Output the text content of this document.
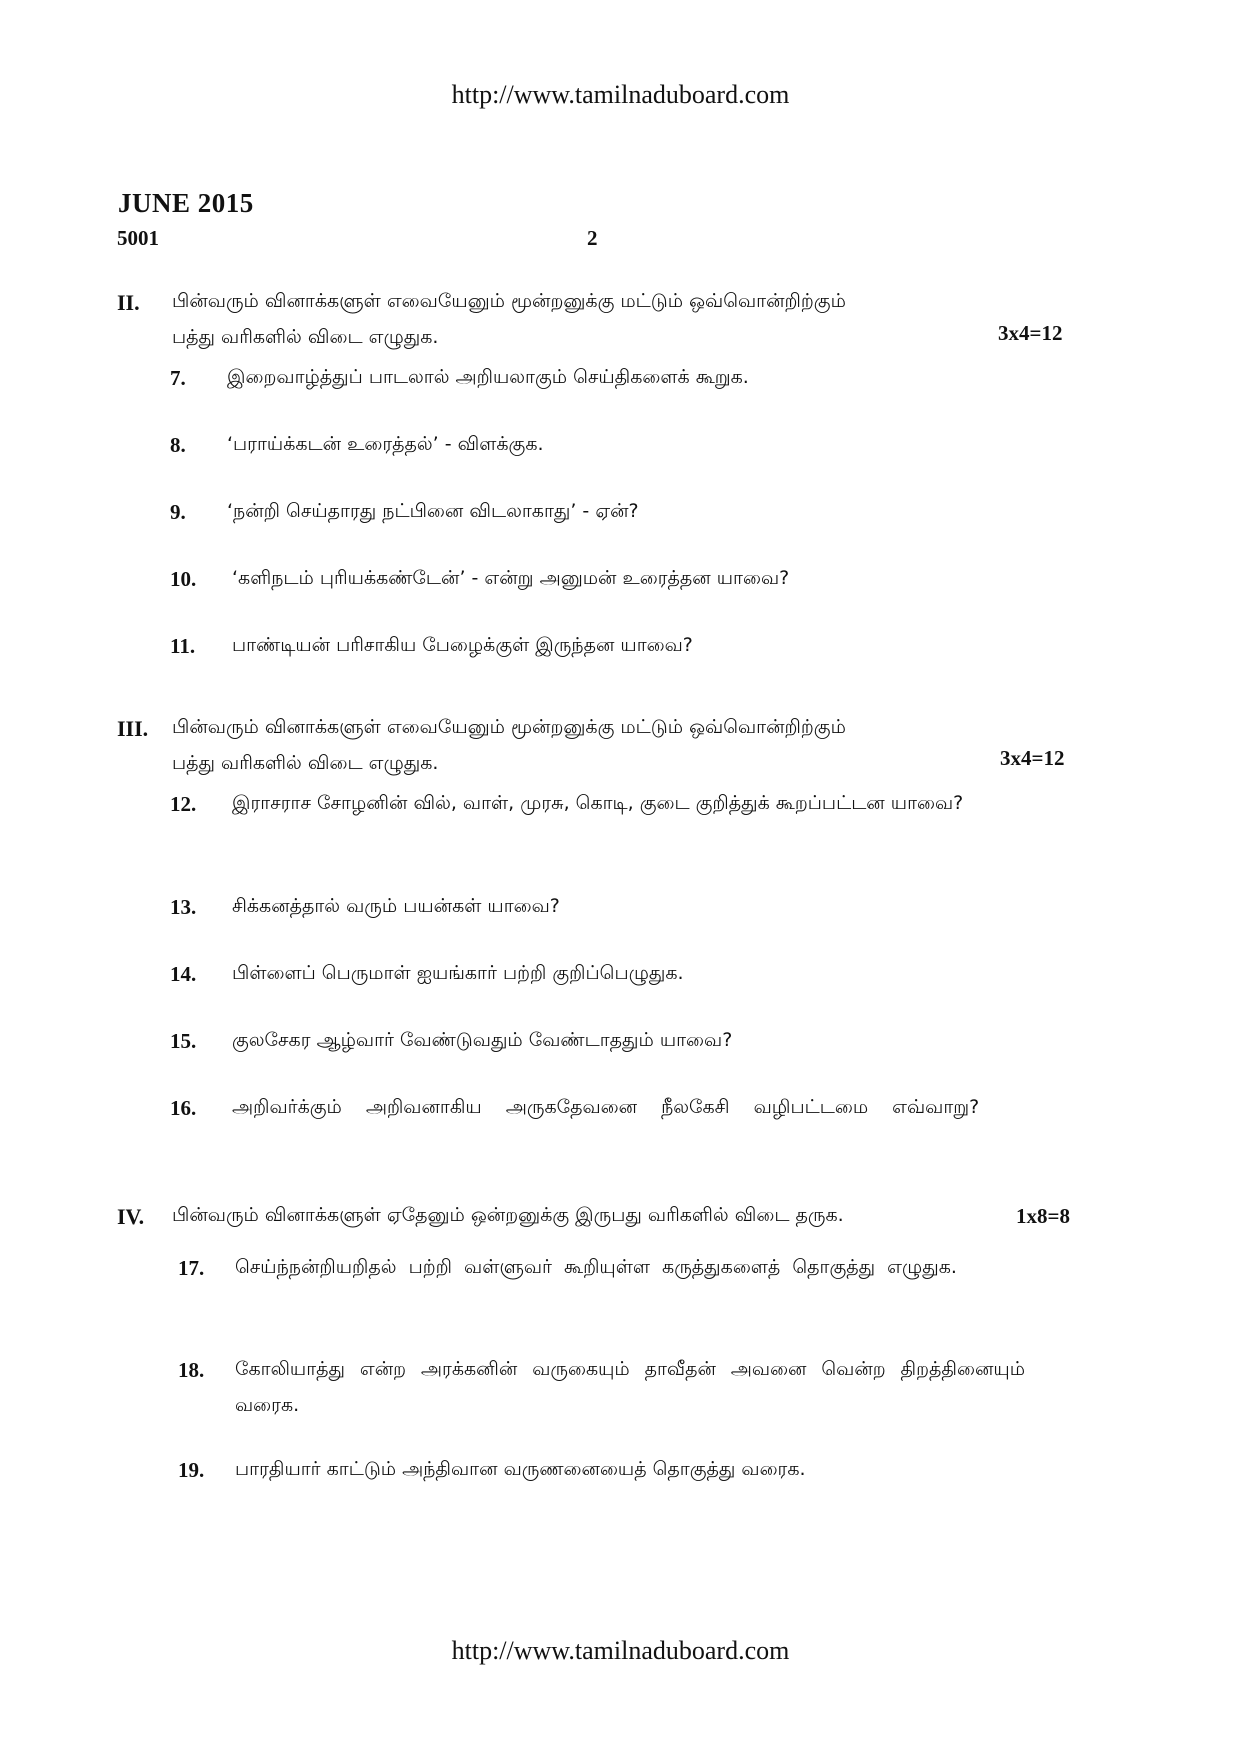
http://www.tamilnaduboard.com
JUNE 2015
5001	2
II. பின்வரும் வினாக்களுள் எவையேனும் மூன்றனுக்கு மட்டும் ஒவ்வொன்றிற்கும்
பத்து வரிகளில் விடை எழுதுக.	3x4=12
7. இறைவாழ்த்துப் பாடலால் அறியலாகும் செய்திகளைக் கூறுக.
8. ‘பராய்க்கடன் உரைத்தல்’ - விளக்குக.
9. ‘நன்றி செய்தாரது நட்பினை விடலாகாது’ - ஏன்?
10. ‘களிநடம் புரியக்கண்டேன்’ - என்று அனுமன் உரைத்தன யாவை?
11. பாண்டியன் பரிசாகிய பேழைக்குள் இருந்தன யாவை?
III. பின்வரும் வினாக்களுள் எவையேனும் மூன்றனுக்கு மட்டும் ஒவ்வொன்றிற்கும்
பத்து வரிகளில் விடை எழுதுக.	3x4=12
12. இராசராச சோழனின் வில், வாள், முரசு, கொடி, குடை குறித்துக் கூறப்பட்டன யாவை?
13. சிக்கனத்தால் வரும் பயன்கள் யாவை?
14. பிள்ளைப் பெருமாள் ஐயங்கார் பற்றி குறிப்பெழுதுக.
15. குலசேகர ஆழ்வார் வேண்டுவதும் வேண்டாததும் யாவை?
16. அறிவர்க்கும் அறிவனாகிய அருகதேவனை நீலகேசி வழிபட்டமை எவ்வாறு?
IV. பின்வரும் வினாக்களுள் ஏதேனும் ஒன்றனுக்கு இருபது வரிகளில் விடை தருக.	1x8=8
17. செய்ந்நன்றியறிதல் பற்றி வள்ளுவர் கூறியுள்ள கருத்துகளைத் தொகுத்து எழுதுக.
18. கோலியாத்து என்ற அரக்கனின் வருகையும் தாவீதன் அவனை வென்ற திறத்தினையும் வரைக.
19. பாரதியார் காட்டும் அந்திவான வருணனையைத் தொகுத்து வரைக.
http://www.tamilnaduboard.com
